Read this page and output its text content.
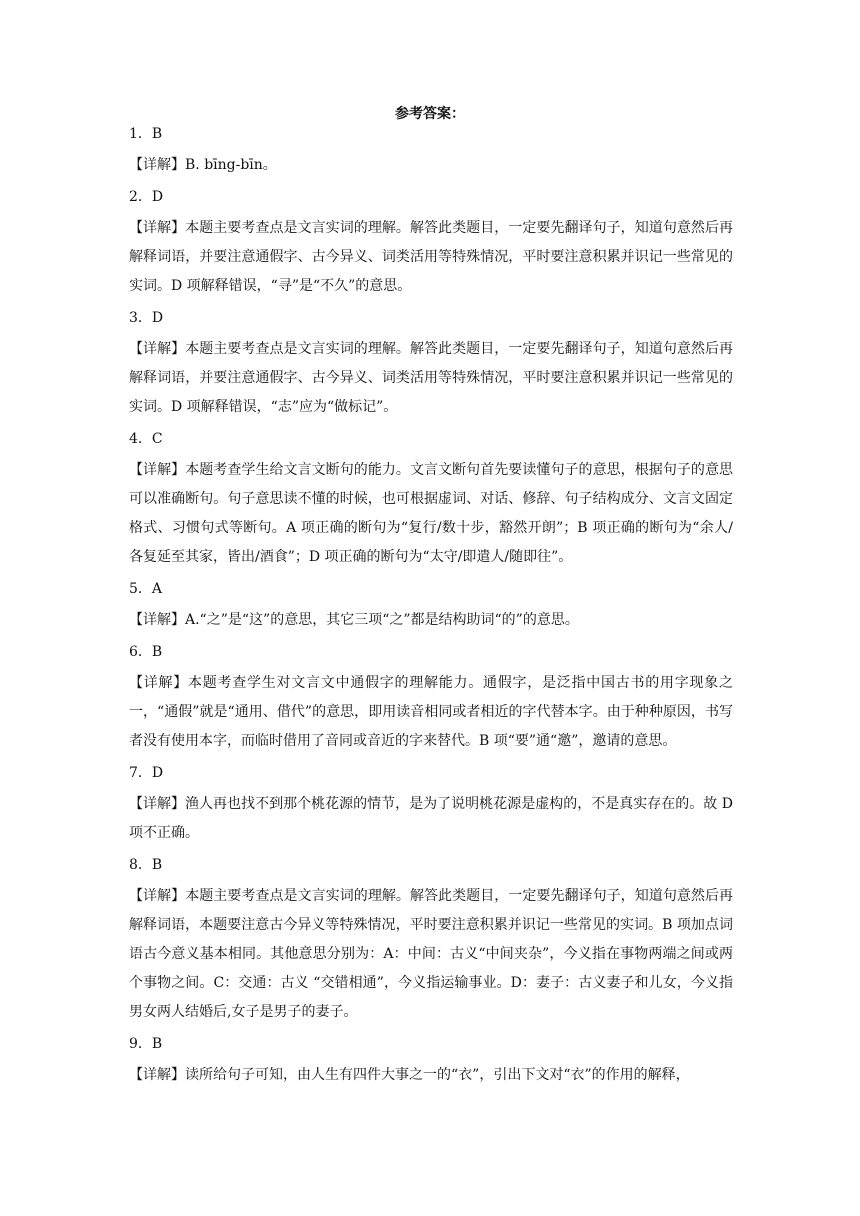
参考答案：
1．B
【详解】B. bīng-bīn。
2．D
【详解】本题主要考查点是文言实词的理解。解答此类题目，一定要先翻译句子，知道句意然后再解释词语，并要注意通假字、古今异义、词类活用等特殊情况，平时要注意积累并识记一些常见的实词。D 项解释错误，“寻”是“不久”的意思。
3．D
【详解】本题主要考查点是文言实词的理解。解答此类题目，一定要先翻译句子，知道句意然后再解释词语，并要注意通假字、古今异义、词类活用等特殊情况，平时要注意积累并识记一些常见的实词。D 项解释错误，“志”应为“做标记”。
4．C
【详解】本题考查学生给文言文断句的能力。文言文断句首先要读懂句子的意思，根据句子的意思可以准确断句。句子意思读不懂的时候，也可根据虚词、对话、修辞、句子结构成分、文言文固定格式、习惯句式等断句。A 项正确的断句为“复行/数十步，豁然开朗”；B 项正确的断句为“余人/各复延至其家，皆出/酒食”；D 项正确的断句为“太守/即遣人/随即往”。
5．A
【详解】A.“之”是“这”的意思，其它三项“之”都是结构助词“的”的意思。
6．B
【详解】本题考查学生对文言文中通假字的理解能力。通假字，是泛指中国古书的用字现象之一，“通假”就是“通用、借代”的意思，即用读音相同或者相近的字代替本字。由于种种原因，书写者没有使用本字，而临时借用了音同或音近的字来替代。B 项“要”通“邀”，邀请的意思。
7．D
【详解】渔人再也找不到那个桃花源的情节，是为了说明桃花源是虚构的，不是真实存在的。故 D 项不正确。
8．B
【详解】本题主要考查点是文言实词的理解。解答此类题目，一定要先翻译句子，知道句意然后再解释词语，本题要注意古今异义等特殊情况，平时要注意积累并识记一些常见的实词。B 项加点词语古今意义基本相同。其他意思分别为：A：中间：古义“中间夹杂”，今义指在事物两端之间或两个事物之间。C：交通：古义 “交错相通”，今义指运输事业。D：妻子：古义妻子和儿女，今义指男女两人结婚后,女子是男子的妻子。
9．B
【详解】读所给句子可知，由人生有四件大事之一的“衣”，引出下文对“衣”的作用的解释，
